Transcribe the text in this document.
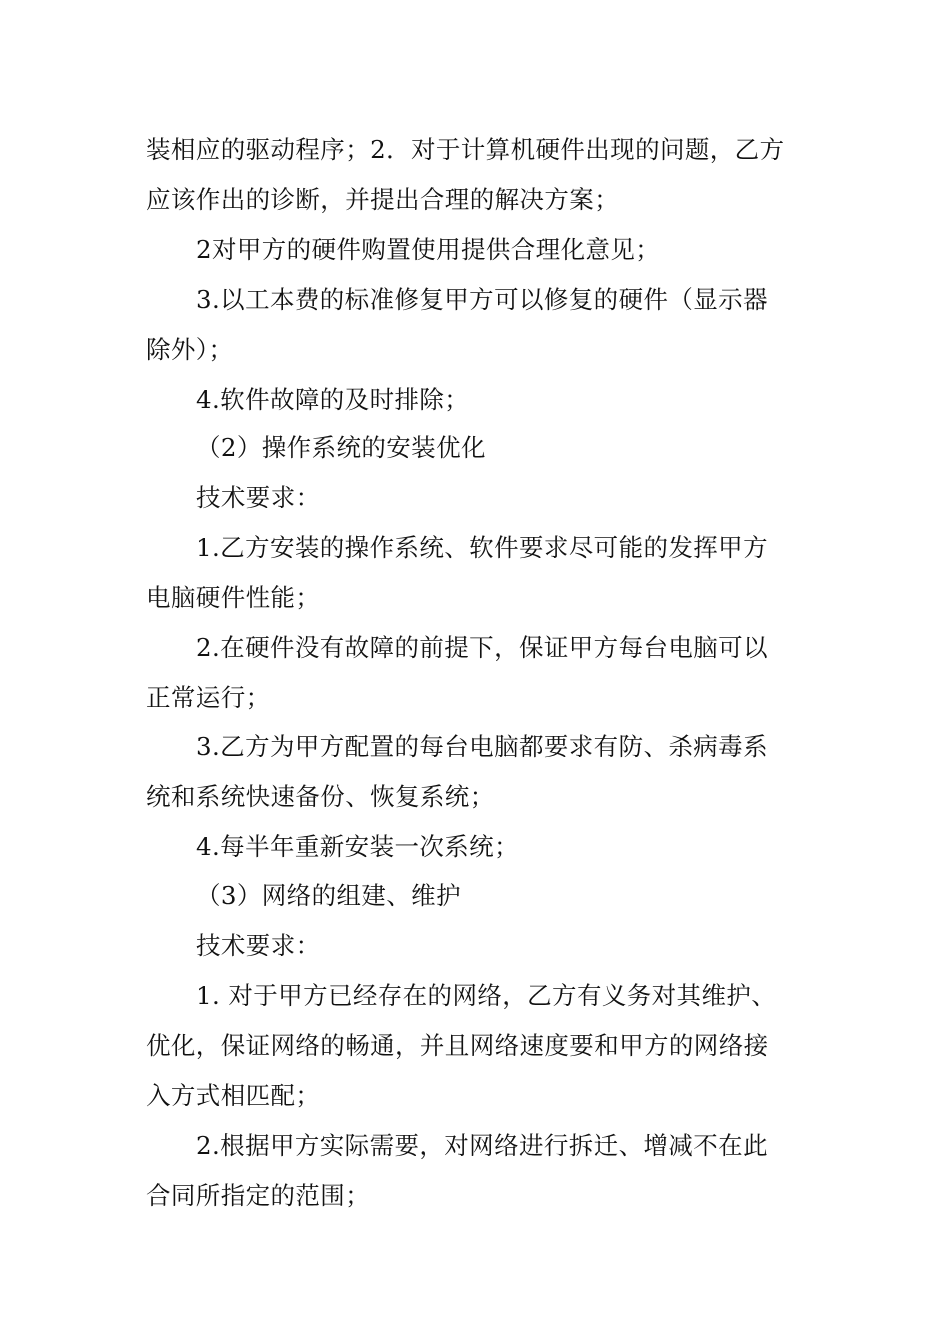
装相应的驱动程序；2．对于计算机硬件出现的问题，乙方
应该作出的诊断，并提出合理的解决方案；
2对甲方的硬件购置使用提供合理化意见；
3.以工本费的标准修复甲方可以修复的硬件（显示器
除外）；
4.软件故障的及时排除；
（2）操作系统的安装优化
技术要求：
1.乙方安装的操作系统、软件要求尽可能的发挥甲方
电脑硬件性能；
2.在硬件没有故障的前提下，保证甲方每台电脑可以
正常运行；
3.乙方为甲方配置的每台电脑都要求有防、杀病毒系
统和系统快速备份、恢复系统；
4.每半年重新安装一次系统；
（3）网络的组建、维护
技术要求：
1. 对于甲方已经存在的网络，乙方有义务对其维护、
优化，保证网络的畅通，并且网络速度要和甲方的网络接
入方式相匹配；
2.根据甲方实际需要，对网络进行拆迁、增减不在此
合同所指定的范围；
